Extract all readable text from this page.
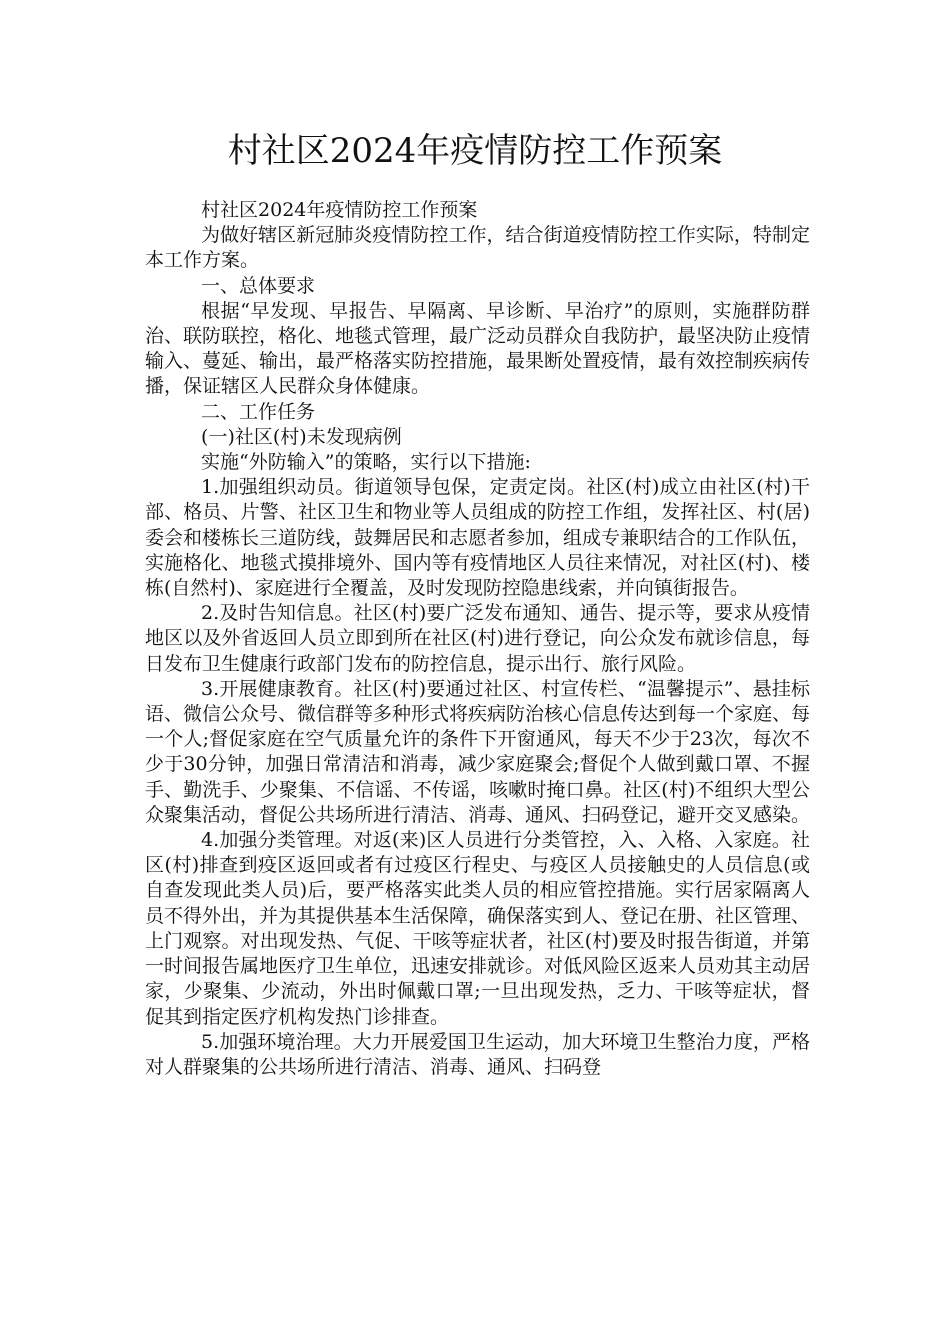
村社区2024年疫情防控工作预案

村社区2024年疫情防控工作预案

为做好辖区新冠肺炎疫情防控工作，结合街道疫情防控工作实际，特制定本工作方案。

一、总体要求

根据“早发现、早报告、早隔离、早诊断、早治疗”的原则，实施群防群治、联防联控，格化、地毯式管理，最广泛动员群众自我防护，最坚决防止疫情输入、蔓延、输出，最严格落实防控措施，最果断处置疫情，最有效控制疾病传播，保证辖区人民群众身体健康。

二、工作任务

(一)社区(村)未发现病例

实施“外防输入”的策略，实行以下措施:

1.加强组织动员。街道领导包保，定责定岗。社区(村)成立由社区(村)干部、格员、片警、社区卫生和物业等人员组成的防控工作组，发挥社区、村(居)委会和楼栋长三道防线，鼓舞居民和志愿者参加，组成专兼职结合的工作队伍，实施格化、地毯式摸排境外、国内等有疫情地区人员往来情况，对社区(村)、楼栋(自然村)、家庭进行全覆盖，及时发现防控隐患线索，并向镇街报告。

2.及时告知信息。社区(村)要广泛发布通知、通告、提示等，要求从疫情地区以及外省返回人员立即到所在社区(村)进行登记，向公众发布就诊信息，每日发布卫生健康行政部门发布的防控信息，提示出行、旅行风险。

3.开展健康教育。社区(村)要通过社区、村宣传栏、“温馨提示”、悬挂标语、微信公众号、微信群等多种形式将疾病防治核心信息传达到每一个家庭、每一个人;督促家庭在空气质量允许的条件下开窗通风，每天不少于23次，每次不少于30分钟，加强日常清洁和消毒，减少家庭聚会;督促个人做到戴口罩、不握手、勤洗手、少聚集、不信谣、不传谣，咳嗽时掩口鼻。社区(村)不组织大型公众聚集活动，督促公共场所进行清洁、消毒、通风、扫码登记，避开交叉感染。

4.加强分类管理。对返(来)区人员进行分类管控，入、入格、入家庭。社区(村)排查到疫区返回或者有过疫区行程史、与疫区人员接触史的人员信息(或自查发现此类人员)后，要严格落实此类人员的相应管控措施。实行居家隔离人员不得外出，并为其提供基本生活保障，确保落实到人、登记在册、社区管理、上门观察。对出现发热、气促、干咳等症状者，社区(村)要及时报告街道，并第一时间报告属地医疗卫生单位，迅速安排就诊。对低风险区返来人员劝其主动居家，少聚集、少流动，外出时佩戴口罩;一旦出现发热，乏力、干咳等症状，督促其到指定医疗机构发热门诊排查。

5.加强环境治理。大力开展爱国卫生运动，加大环境卫生整治力度，严格对人群聚集的公共场所进行清洁、消毒、通风、扫码登
